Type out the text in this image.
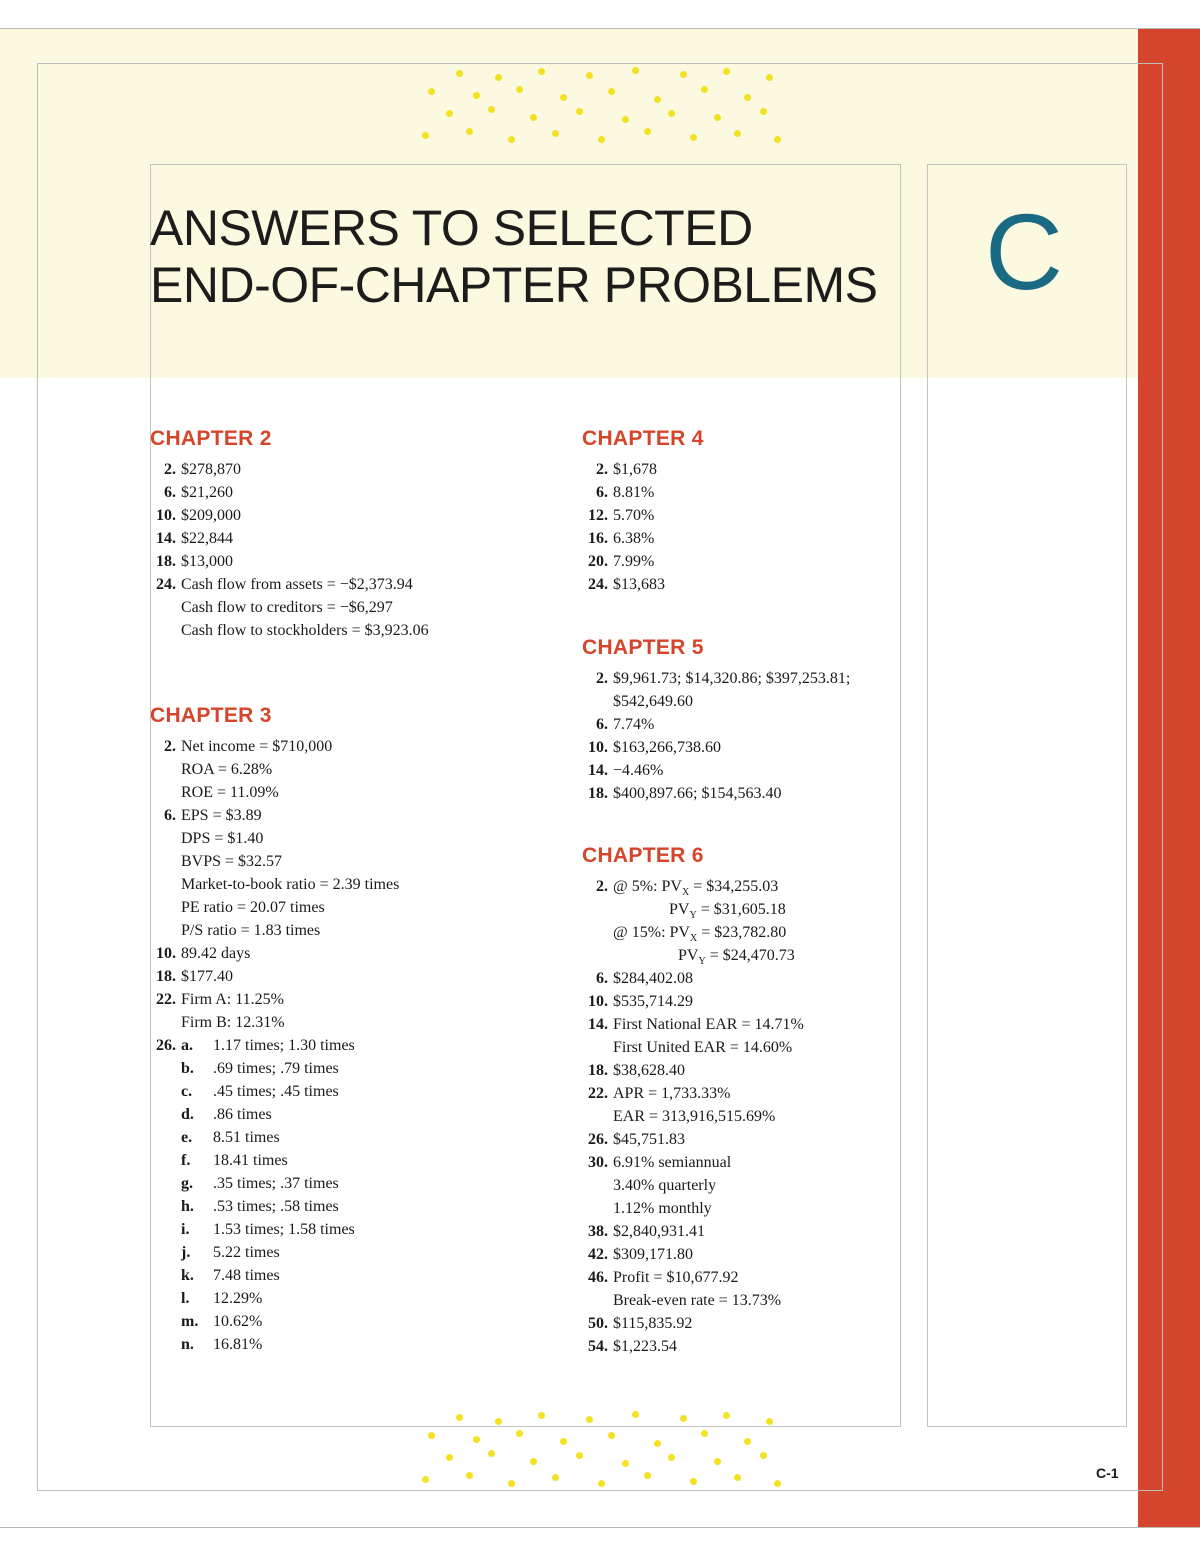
ANSWERS TO SELECTED
END-OF-CHAPTER PROBLEMS C
CHAPTER 2
2. $278,870
6. $21,260
10. $209,000
14. $22,844
18. $13,000
24. Cash flow from assets = −$2,373.94
Cash flow to creditors = −$6,297
Cash flow to stockholders = $3,923.06
CHAPTER 3
2. Net income = $710,000
ROA = 6.28%
ROE = 11.09%
6. EPS = $3.89
DPS = $1.40
BVPS = $32.57
Market-to-book ratio = 2.39 times
PE ratio = 20.07 times
P/S ratio = 1.83 times
10. 89.42 days
18. $177.40
22. Firm A: 11.25%
Firm B: 12.31%
26. a. 1.17 times; 1.30 times
b. .69 times; .79 times
c.	.45 times; .45 times
d. .86 times
e.	8.51 times
f.	18.41 times
g. .35 times; .37 times
h. .53 times; .58 times
i.	1.53 times; 1.58 times
j.	5.22 times
k. 7.48 times
l.	12.29%
m. 10.62%
n. 16.81%
CHAPTER 4
2. $1,678
6. 8.81%
12. 5.70%
16. 6.38%
20. 7.99%
24. $13,683
CHAPTER 5
2. $9,961.73; $14,320.86; $397,253.81;
$542,649.60
6. 7.74%
10. $163,266,738.60
14. −4.46%
18. $400,897.66; $154,563.40
CHAPTER 6
2. @ 5%: $PV_X$ = $34,255.03
$PV_Y$ = $31,605.18
@ 15%: $PV_X$ = $23,782.80
$PV_Y$ = $24,470.73
6. $284,402.08
10. $535,714.29
14. First National EAR = 14.71%
First United EAR = 14.60%
18. $38,628.40
22. APR = 1,733.33%
EAR = 313,916,515.69%
26. $45,751.83
30. 6.91% semiannual
3.40% quarterly
1.12% monthly
38. $2,840,931.41
42. $309,171.80
46. Profit = $10,677.92
Break-even rate = 13.73%
50. $115,835.92
54. $1,223.54
C-1
